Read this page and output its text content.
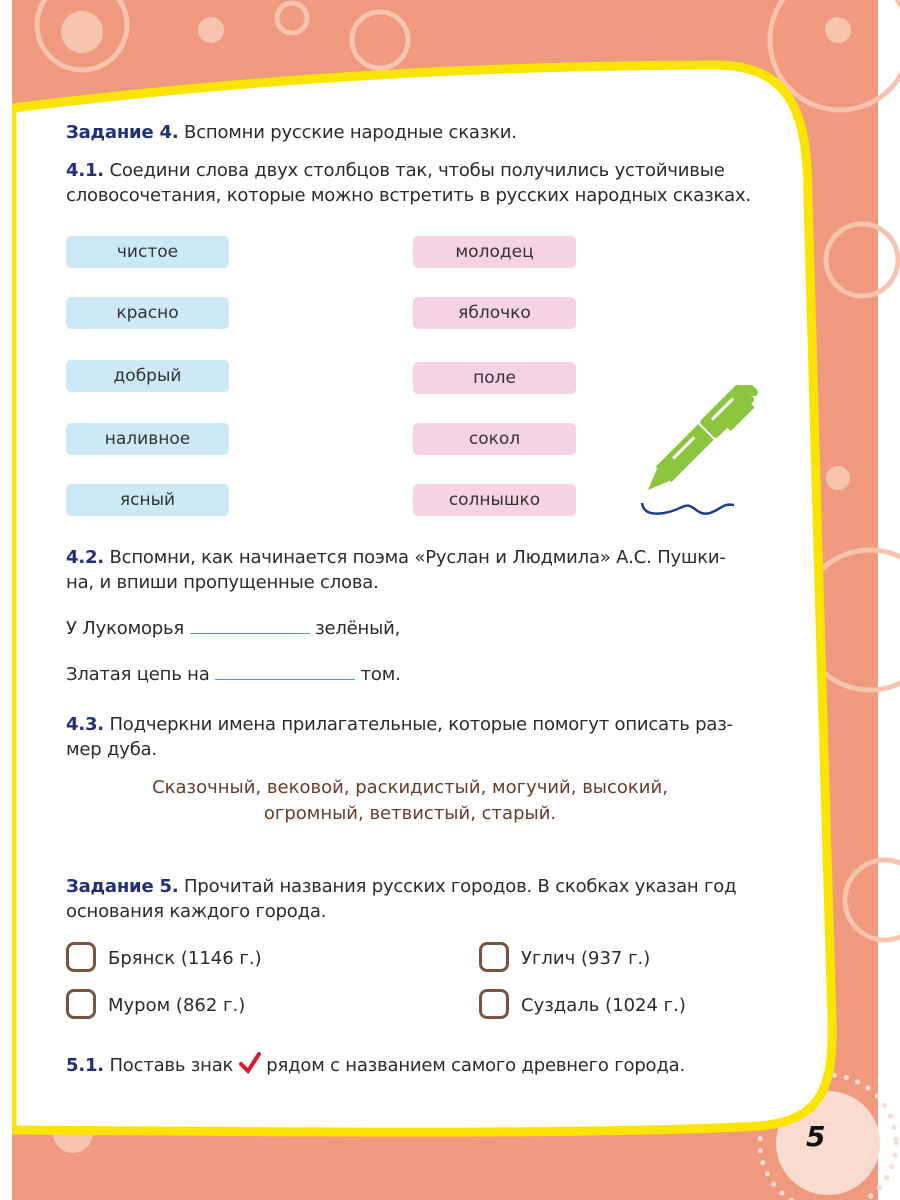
Задание 4. Вспомни русские народные сказки.
4.1. Соедини слова двух столбцов так, чтобы получились устойчивые
словосочетания, которые можно встретить в русских народных сказках.
чистое
красно
добрый
наливное
ясный
молодец
яблочко
поле
сокол
солнышко
4.2. Вспомни, как начинается поэма «Руслан и Людмила» А.С. Пушки-
на, и впиши пропущенные слова.
У Лукоморья	зелёный,
Златая цепь на	том.
4.3. Подчеркни имена прилагательные, которые помогут описать раз-
мер дуба.
Сказочный, вековой, раскидистый, могучий, высокий,
огромный, ветвистый, старый.
Задание 5. Прочитай названия русских городов. В скобках указан год
основания каждого города.
Брянск (1146 г.)	Углич (937 г.)
Муром (862 г.)	Суздаль (1024 г.)
5.1. Поставь знак рядом с названием самого древнего города.
5
